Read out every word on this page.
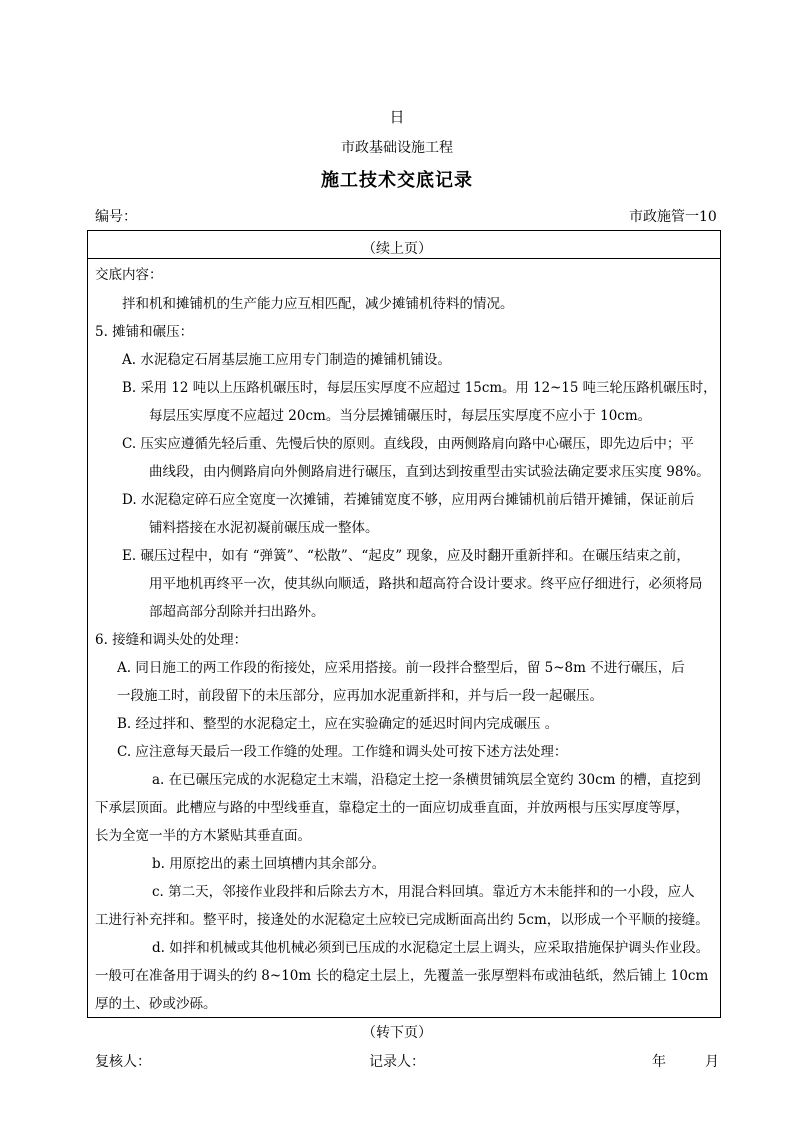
日
市政基础设施工程
施工技术交底记录
编号：	市政施管一10
（续上页）
交底内容：
拌和机和摊铺机的生产能力应互相匹配，减少摊铺机待料的情况。
5. 摊铺和碾压：
A. 水泥稳定石屑基层施工应用专门制造的摊铺机铺设。
B. 采用 12 吨以上压路机碾压时，每层压实厚度不应超过 15cm。用 12~15 吨三轮压路机碾压时，
每层压实厚度不应超过 20cm。当分层摊铺碾压时，每层压实厚度不应小于 10cm。
C. 压实应遵循先轻后重、先慢后快的原则。直线段，由两侧路肩向路中心碾压，即先边后中；平
曲线段，由内侧路肩向外侧路肩进行碾压，直到达到按重型击实试验法确定要求压实度 98%。
D. 水泥稳定碎石应全宽度一次摊铺，若摊铺宽度不够，应用两台摊铺机前后错开摊铺，保证前后
铺料搭接在水泥初凝前碾压成一整体。
E. 碾压过程中，如有 “弹簧”、“松散”、“起皮” 现象，应及时翻开重新拌和。在碾压结束之前，
用平地机再终平一次，使其纵向顺适，路拱和超高符合设计要求。终平应仔细进行，必须将局
部超高部分刮除并扫出路外。
6. 接缝和调头处的处理：
A. 同日施工的两工作段的衔接处，应采用搭接。前一段拌合整型后，留 5~8m 不进行碾压，后
一段施工时，前段留下的未压部分，应再加水泥重新拌和，并与后一段一起碾压。
B. 经过拌和、整型的水泥稳定土，应在实验确定的延迟时间内完成碾压 。
C. 应注意每天最后一段工作缝的处理。工作缝和调头处可按下述方法处理：
a. 在已碾压完成的水泥稳定土末端，沿稳定土挖一条横贯铺筑层全宽约 30cm 的槽，直挖到
下承层顶面。此槽应与路的中型线垂直，靠稳定土的一面应切成垂直面，并放两根与压实厚度等厚，
长为全宽一半的方木紧贴其垂直面。
b. 用原挖出的素土回填槽内其余部分。
c. 第二天，邻接作业段拌和后除去方木，用混合料回填。靠近方木未能拌和的一小段，应人
工进行补充拌和。整平时，接逢处的水泥稳定土应较已完成断面高出约 5cm，以形成一个平顺的接缝。
d. 如拌和机械或其他机械必须到已压成的水泥稳定土层上调头，应采取措施保护调头作业段。
一般可在准备用于调头的约 8~10m 长的稳定土层上，先覆盖一张厚塑料布或油毡纸，然后铺上 10cm
厚的土、砂或沙砾。
（转下页）
复核人：	记录人：	年	月
